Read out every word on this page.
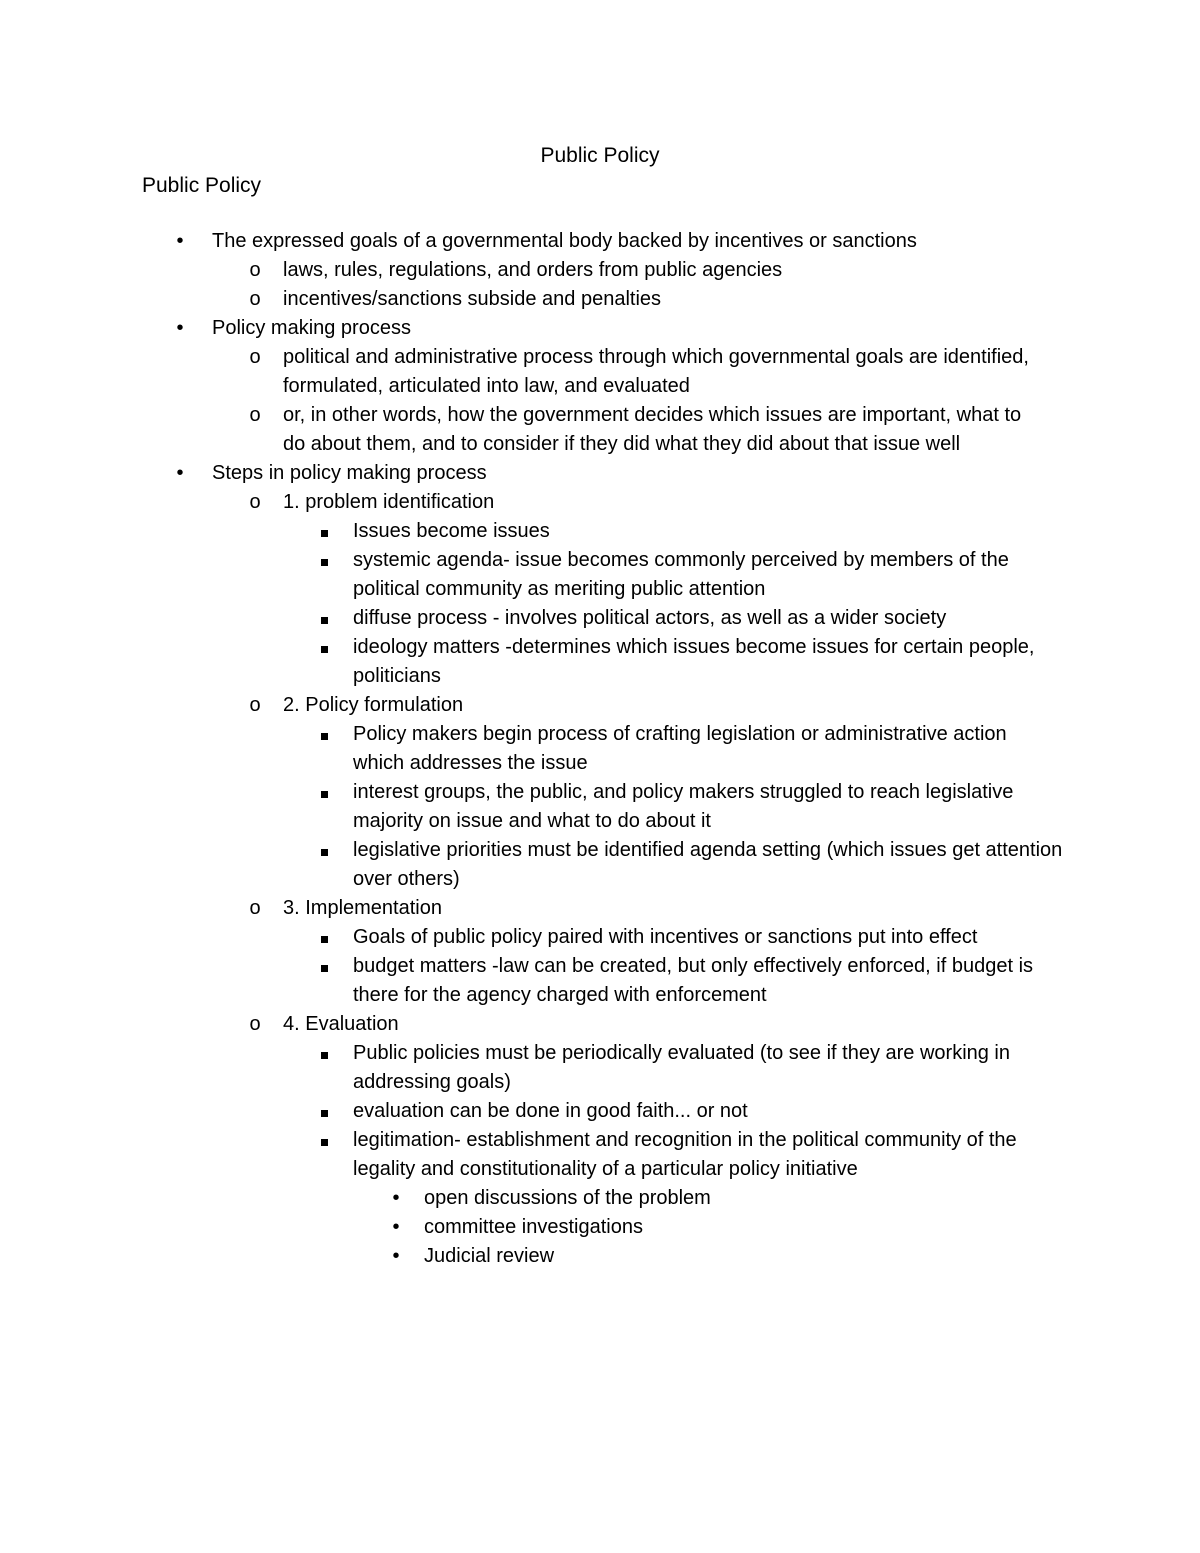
Public Policy
Public Policy
•	The expressed goals of a governmental body backed by incentives or sanctions
o	laws, rules, regulations, and orders from public agencies
o	incentives/sanctions subside and penalties
•	Policy making process
o	political and administrative process through which governmental goals are identified, formulated, articulated into law, and evaluated
o	or, in other words, how the government decides which issues are important, what to do about them, and to consider if they did what they did about that issue well
•	Steps in policy making process
o	1. problem identification
Issues become issues
systemic agenda- issue becomes commonly perceived by members of the political community as meriting public attention
diffuse process - involves political actors, as well as a wider society
ideology matters -determines which issues become issues for certain people, politicians
o	2. Policy formulation
Policy makers begin process of crafting legislation or administrative action which addresses the issue
interest groups, the public, and policy makers struggled to reach legislative majority on issue and what to do about it
legislative priorities must be identified agenda setting (which issues get attention over others)
o	3. Implementation
Goals of public policy paired with incentives or sanctions put into effect
budget matters -law can be created, but only effectively enforced, if budget is there for the agency charged with enforcement
o	4. Evaluation
Public policies must be periodically evaluated (to see if they are working in addressing goals)
evaluation can be done in good faith... or not
legitimation- establishment and recognition in the political community of the legality and constitutionality of a particular policy initiative
•	open discussions of the problem
•	committee investigations
•	Judicial review
